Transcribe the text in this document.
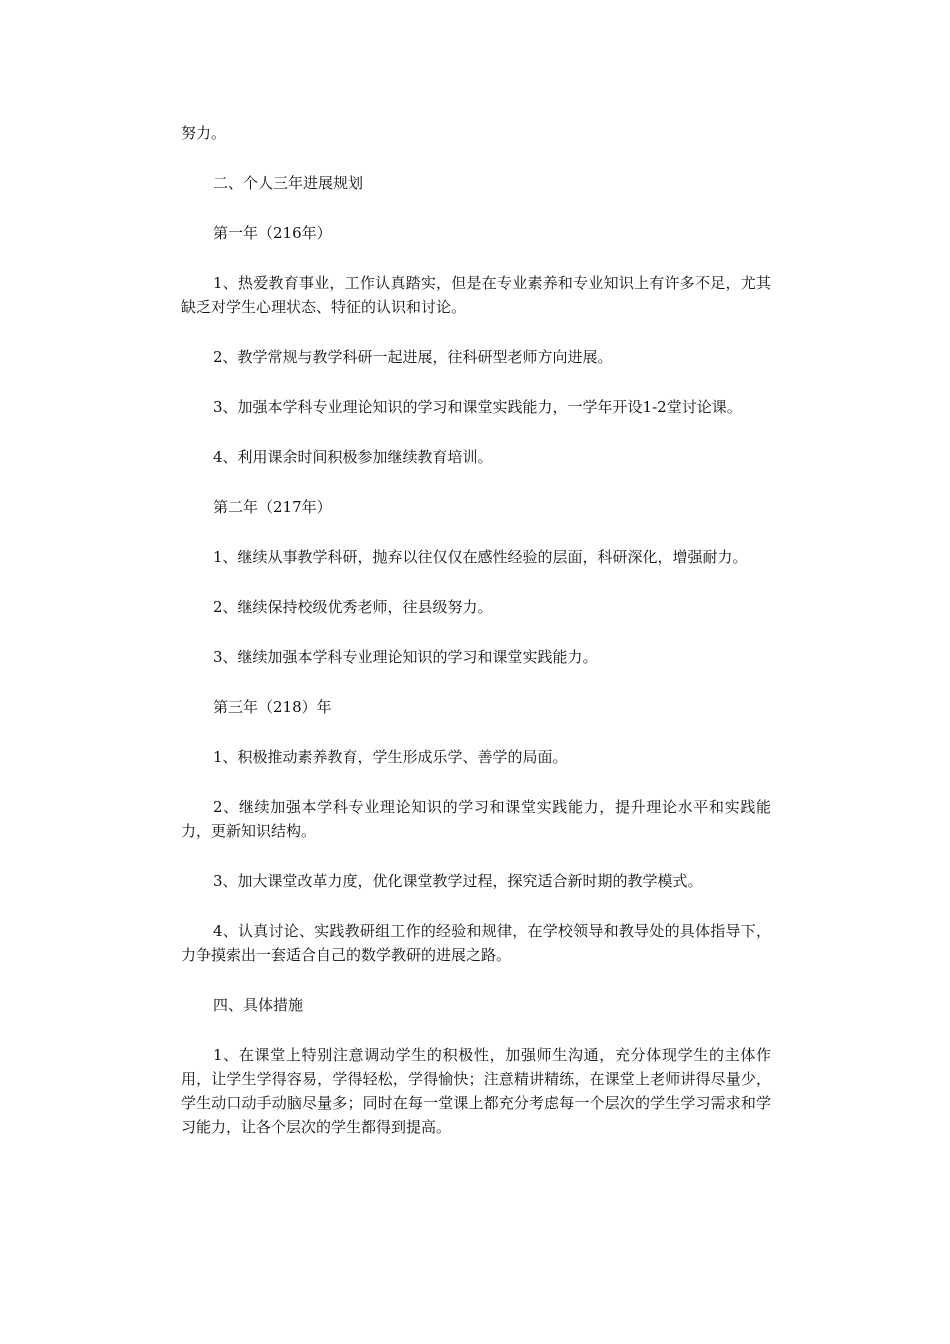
努力。

二、个人三年进展规划

第一年（216年）

1、热爱教育事业，工作认真踏实，但是在专业素养和专业知识上有许多不足，尤其缺乏对学生心理状态、特征的认识和讨论。

2、教学常规与教学科研一起进展，往科研型老师方向进展。

3、加强本学科专业理论知识的学习和课堂实践能力，一学年开设1-2堂讨论课。

4、利用课余时间积极参加继续教育培训。

第二年（217年）

1、继续从事教学科研，抛弃以往仅仅在感性经验的层面，科研深化，增强耐力。

2、继续保持校级优秀老师，往县级努力。

3、继续加强本学科专业理论知识的学习和课堂实践能力。

第三年（218）年

1、积极推动素养教育，学生形成乐学、善学的局面。

2、继续加强本学科专业理论知识的学习和课堂实践能力，提升理论水平和实践能力，更新知识结构。

3、加大课堂改革力度，优化课堂教学过程，探究适合新时期的教学模式。

4、认真讨论、实践教研组工作的经验和规律，在学校领导和教导处的具体指导下，力争摸索出一套适合自己的数学教研的进展之路。

四、具体措施

1、在课堂上特别注意调动学生的积极性，加强师生沟通，充分体现学生的主体作用，让学生学得容易，学得轻松，学得愉快；注意精讲精练，在课堂上老师讲得尽量少，学生动口动手动脑尽量多；同时在每一堂课上都充分考虑每一个层次的学生学习需求和学习能力，让各个层次的学生都得到提高。
